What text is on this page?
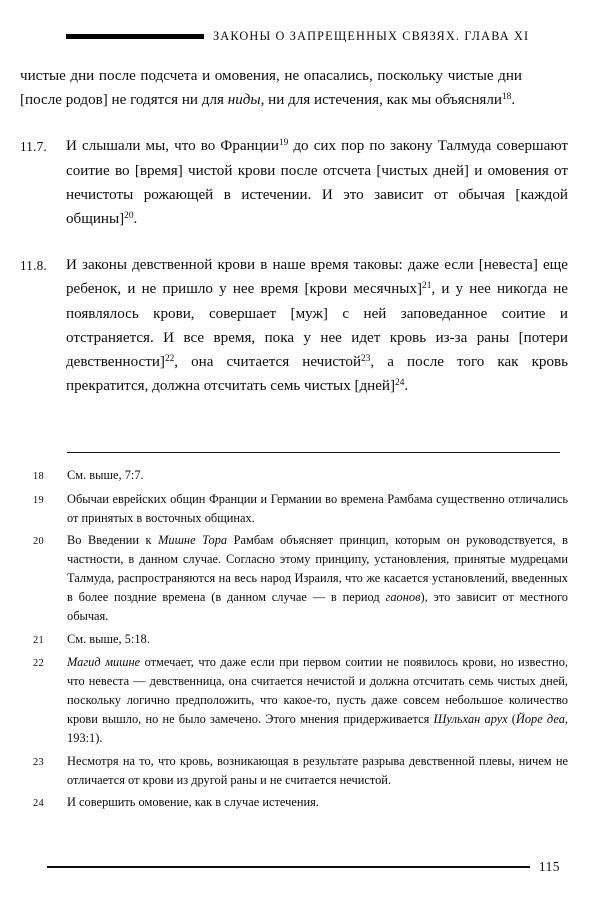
ЗАКОНЫ О ЗАПРЕЩЕННЫХ СВЯЗЯХ. ГЛАВА XI

чистые дни после подсчета и омовения, не опасались, поскольку чистые дни [после родов] не годятся ни для ниды, ни для истечения, как мы объясняли$^{18}$.

11.7.	И слышали мы, что во Франции$^{19}$ до сих пор по закону Талмуда совершают соитие во [время] чистой крови после отсчета [чистых дней] и омовения от нечистоты рожающей в истечении. И это зависит от обычая [каждой общины]$^{20}$.

11.8.	И законы девственной крови в наше время таковы: даже если [невеста] еще ребенок, и не пришло у нее время [крови месячных]$^{21}$, и у нее никогда не появлялось крови, совершает [муж] с ней заповеданное соитие и отстраняется. И все время, пока у нее идет кровь из-за раны [потери девственности]$^{22}$, она считается нечистой$^{23}$, а после того как кровь прекратится, должна отсчитать семь чистых [дней]$^{24}$.

18	См. выше, 7:7.
19	Обычаи еврейских общин Франции и Германии во времена Рамбама существенно отличались от принятых в восточных общинах.
20	Во Введении к Мишне Тора Рамбам объясняет принцип, которым он руководствуется, в частности, в данном случае. Согласно этому принципу, установления, принятые мудрецами Талмуда, распространяются на весь народ Израиля, что же касается установлений, введенных в более поздние времена (в данном случае — в период гаонов), это зависит от местного обычая.
21	См. выше, 5:18.
22	Магид мишне отмечает, что даже если при первом соитии не появилось крови, но известно, что невеста — девственница, она считается нечистой и должна отсчитать семь чистых дней, поскольку логично предположить, что какое-то, пусть даже совсем небольшое количество крови вышло, но не было замечено. Этого мнения придерживается Шульхан арух (Йоре деа, 193:1).
23	Несмотря на то, что кровь, возникающая в результате разрыва девственной плевы, ничем не отличается от крови из другой раны и не считается нечистой.
24	И совершить омовение, как в случае истечения.
115
